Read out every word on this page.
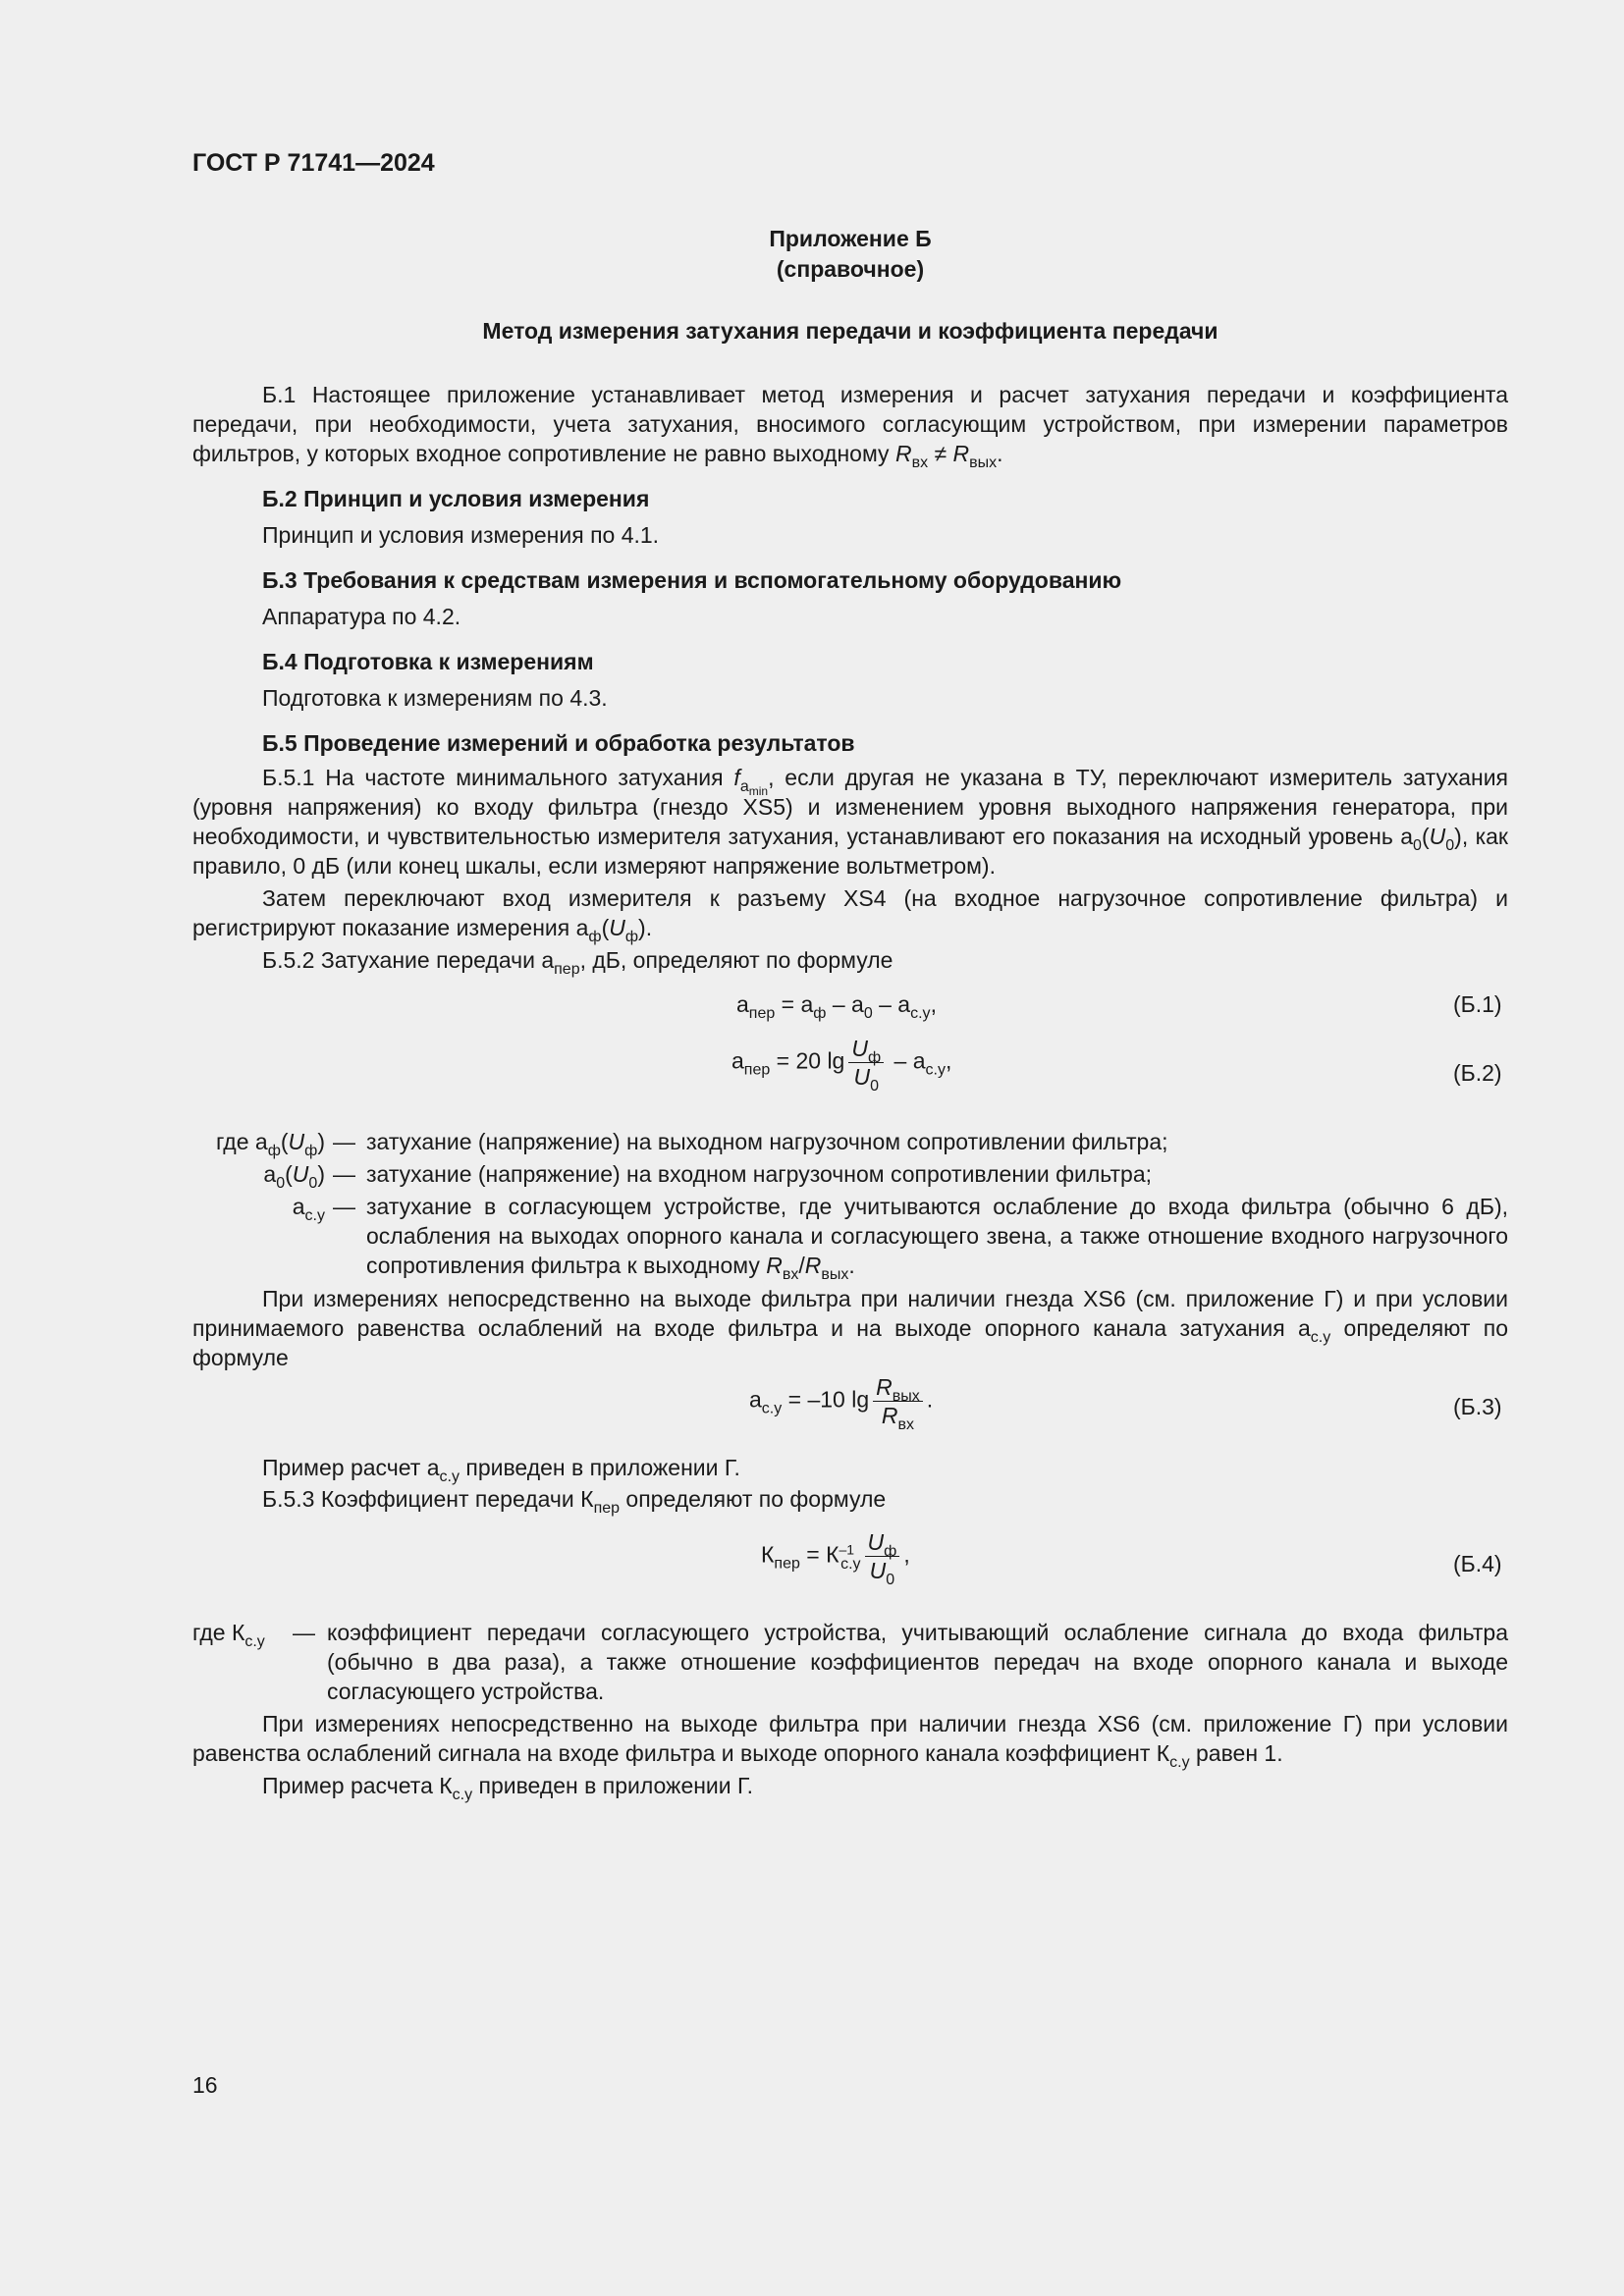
ГОСТ Р 71741—2024
Приложение Б
(справочное)
Метод измерения затухания передачи и коэффициента передачи

Б.1 Настоящее приложение устанавливает метод измерения и расчет затухания передачи и коэффициента передачи, при необходимости, учета затухания, вносимого согласующим устройством, при измерении параметров фильтров, у которых входное сопротивление не равно выходному $R_{вх} \ne R_{вых}$.

Б.2 Принцип и условия измерения
Принцип и условия измерения по 4.1.
Б.3 Требования к средствам измерения и вспомогательному оборудованию
Аппаратура по 4.2.
Б.4 Подготовка к измерениям
Подготовка к измерениям по 4.3.
Б.5 Проведение измерений и обработка результатов

Б.5.1 На частоте минимального затухания $f_{a_{min}}$, если другая не указана в ТУ, переключают измеритель затухания (уровня напряжения) ко входу фильтра (гнездо XS5) и изменением уровня выходного напряжения генератора, при необходимости, и чувствительностью измерителя затухания, устанавливают его показания на исходный уровень $а_0(U_0)$, как правило, 0 дБ (или конец шкалы, если измеряют напряжение вольтметром).

Затем переключают вход измерителя к разъему XS4 (на входное нагрузочное сопротивление фильтра) и регистрируют показание измерения $а_ф(U_ф)$.

Б.5.2 Затухание передачи $а_{пер}$, дБ, определяют по формуле

$а_{пер} = а_ф - а_0 - а_{с.у}$,	(Б.1)
$а_{пер} = 20$ $\lg \frac{U_ф}{U_0} - а_{с.у}$,	(Б.2)
где $а_ф(U_ф)$ — затухание (напряжение) на выходном нагрузочном сопротивлении фильтра;
$а_0(U_0)$ — затухание (напряжение) на входном нагрузочном сопротивлении фильтра;
$а_{с.у}$ — затухание в согласующем устройстве, где учитываются ослабление до входа фильтра (обычно 6 дБ), ослабления на выходах опорного канала и согласующего звена, а также отношение входного нагрузочного сопротивления фильтра к выходному $R_{вх}/R_{вых}$.

При измерениях непосредственно на выходе фильтра при наличии гнезда XS6 (см. приложение Г) и при условии принимаемого равенства ослаблений на входе фильтра и на выходе опорного канала затухания $а_{с.у}$ определяют по формуле

$а_{с.у} = -10$ $\lg \frac{R_{вых}}{R_{вх}}$ .	(Б.3)

Пример расчет $а_{с.у}$ приведен в приложении Г.

Б.5.3 Коэффициент передачи $К_{пер}$ определяют по формуле

$К_{пер} = К^{-1}_{с.у} \frac{U_ф}{U_0}$ ,	(Б.4)
где $К_{с.у}$	— коэффициент передачи согласующего устройства, учитывающий ослабление сигнала до входа фильтра (обычно в два раза), а также отношение коэффициентов передач на входе опорного канала и выходе согласующего устройства.

При измерениях непосредственно на выходе фильтра при наличии гнезда XS6 (см. приложение Г) при условии равенства ослаблений сигнала на входе фильтра и выходе опорного канала коэффициент $К_{с.у}$ равен 1.

Пример расчета $К_{с.у}$ приведен в приложении Г.

16
